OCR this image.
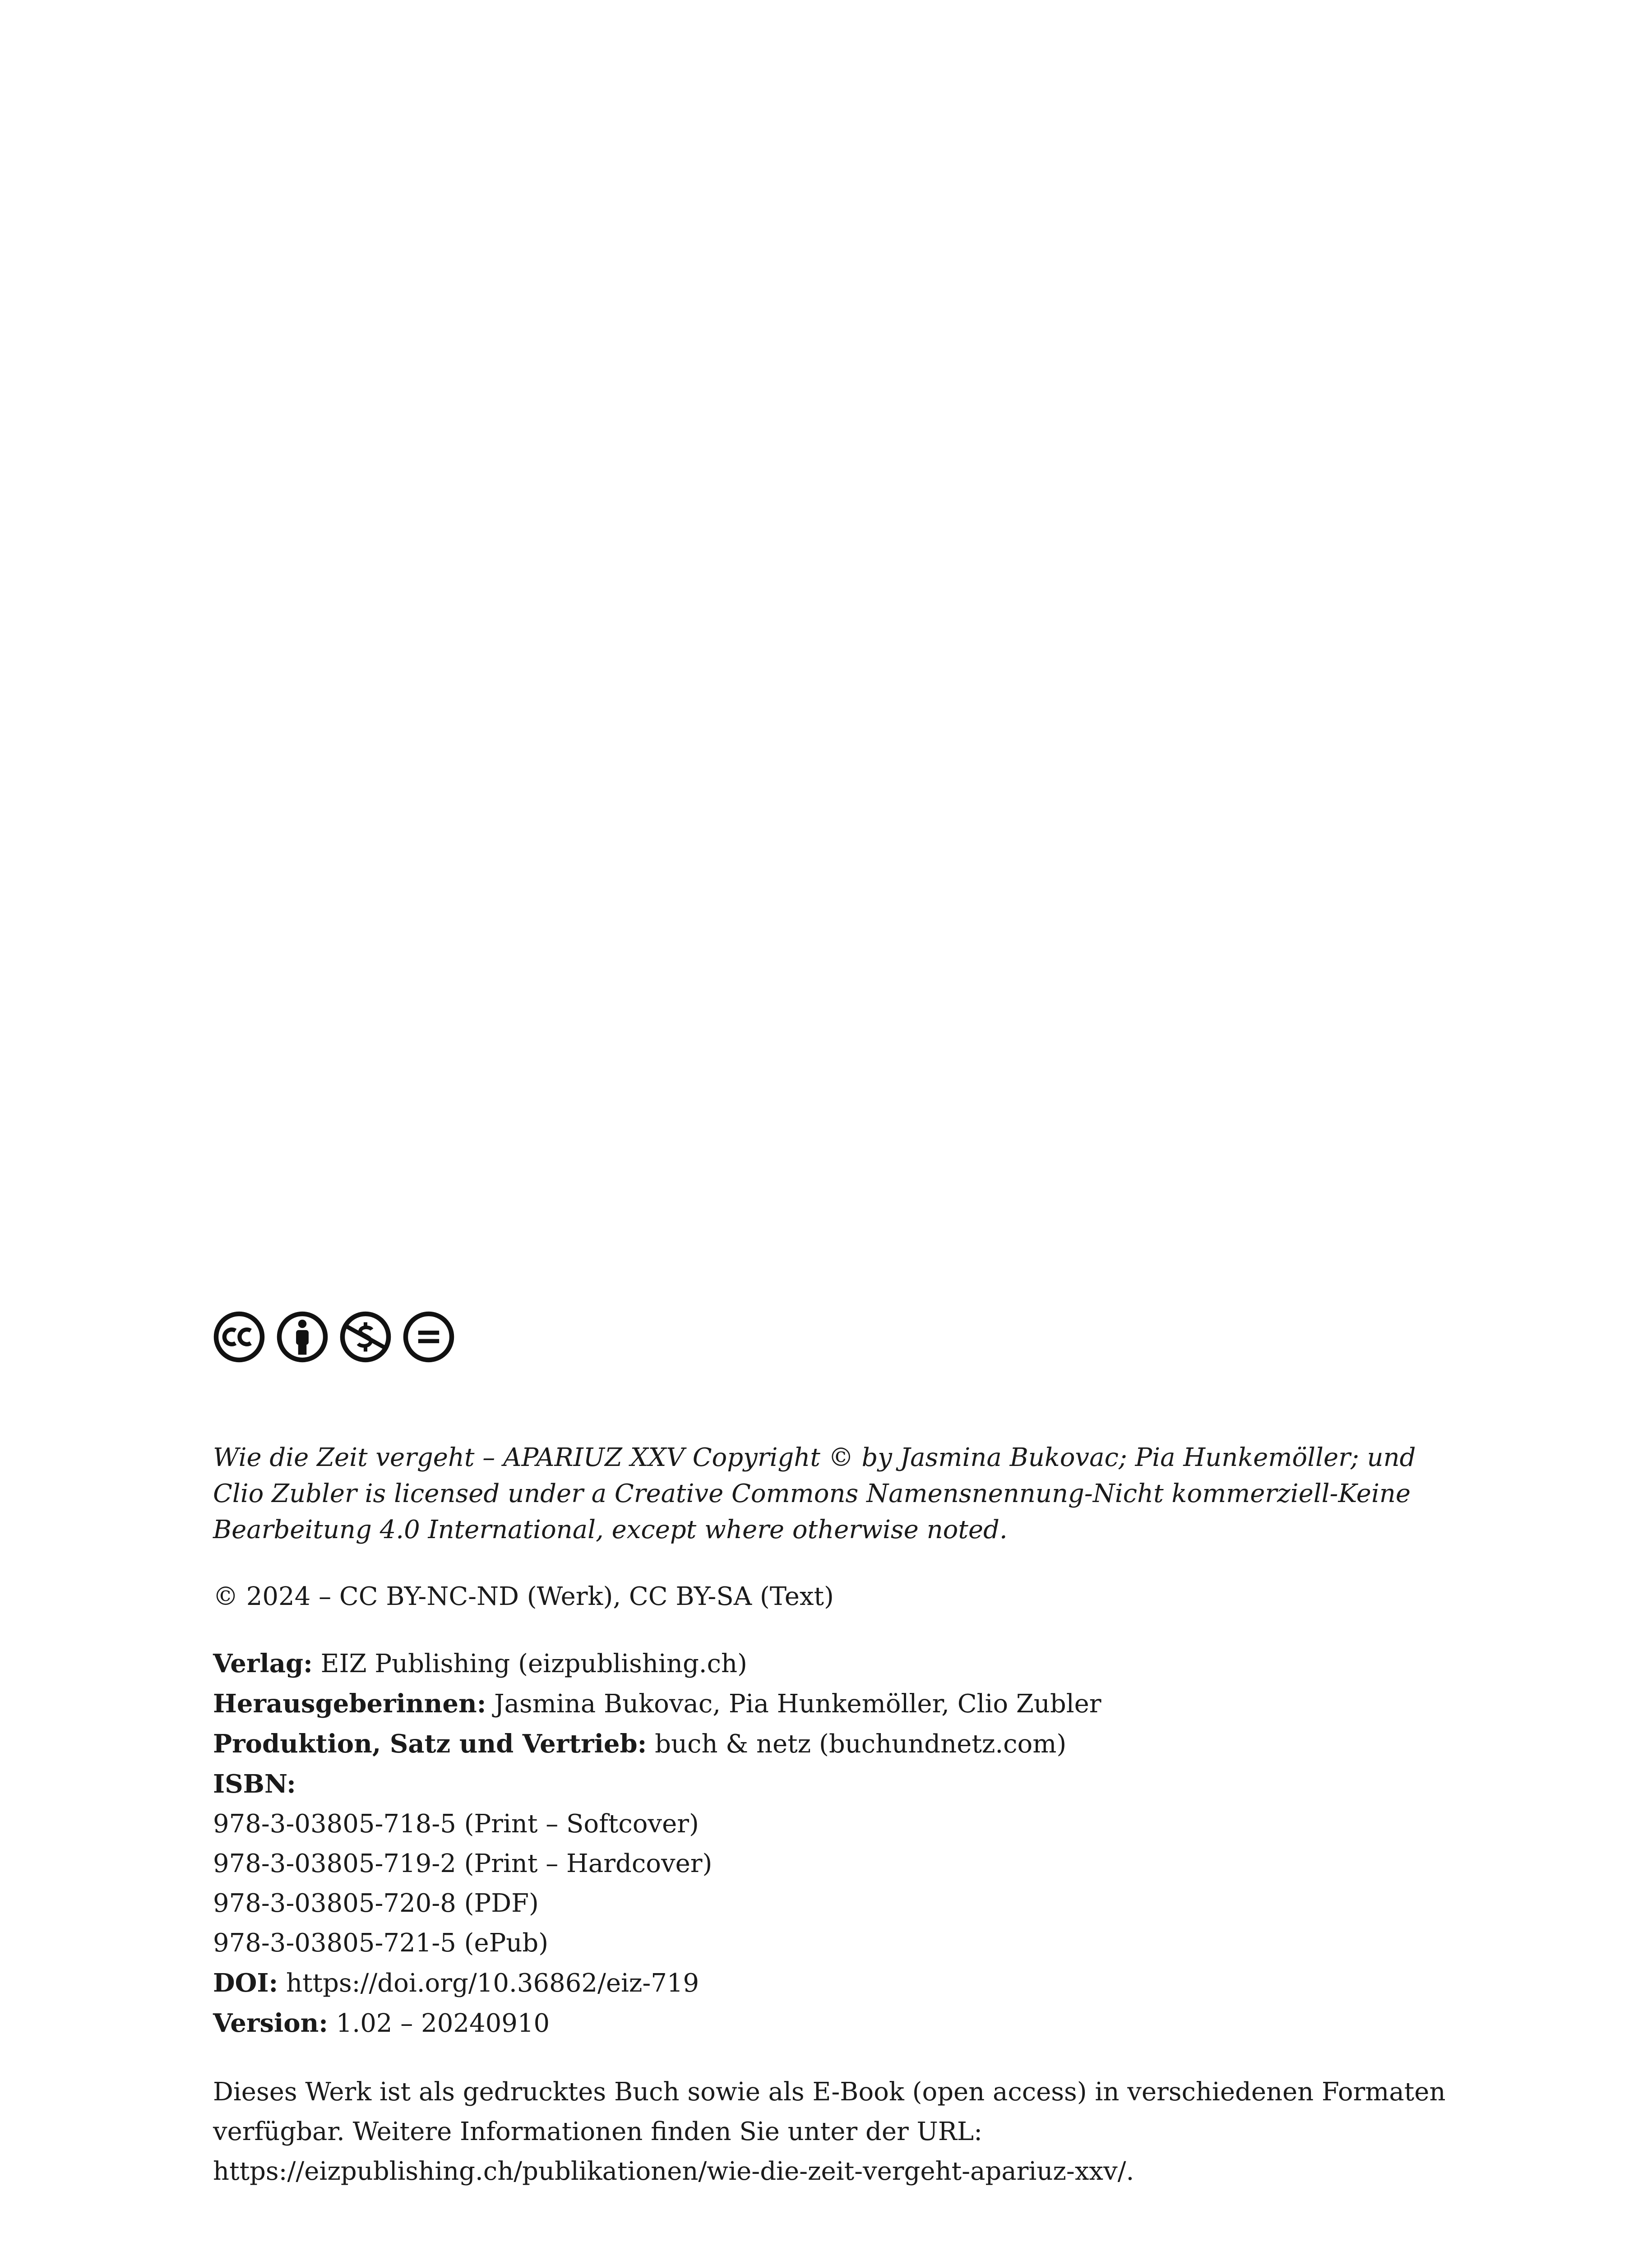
Wie die Zeit vergeht – APARIUZ XXV Copyright © by Jasmina Bukovac; Pia Hunkemöller; und Clio Zubler is licensed under a Creative Commons Namensnennung-Nicht kommerziell-Keine Bearbeitung 4.0 International, except where otherwise noted.

© 2024 – CC BY-NC-ND (Werk), CC BY-SA (Text)

Verlag: EIZ Publishing (eizpublishing.ch)
Herausgeberinnen: Jasmina Bukovac, Pia Hunkemöller, Clio Zubler
Produktion, Satz und Vertrieb: buch & netz (buchundnetz.com)
ISBN:
978-3-03805-718-5 (Print – Softcover)
978-3-03805-719-2 (Print – Hardcover)
978-3-03805-720-8 (PDF)
978-3-03805-721-5 (ePub)
DOI: https://doi.org/10.36862/eiz-719
Version: 1.02 – 20240910

Dieses Werk ist als gedrucktes Buch sowie als E-Book (open access) in verschiedenen Formaten
verfügbar. Weitere Informationen finden Sie unter der URL:
https://eizpublishing.ch/publikationen/wie-die-zeit-vergeht-apariuz-xxv/.
